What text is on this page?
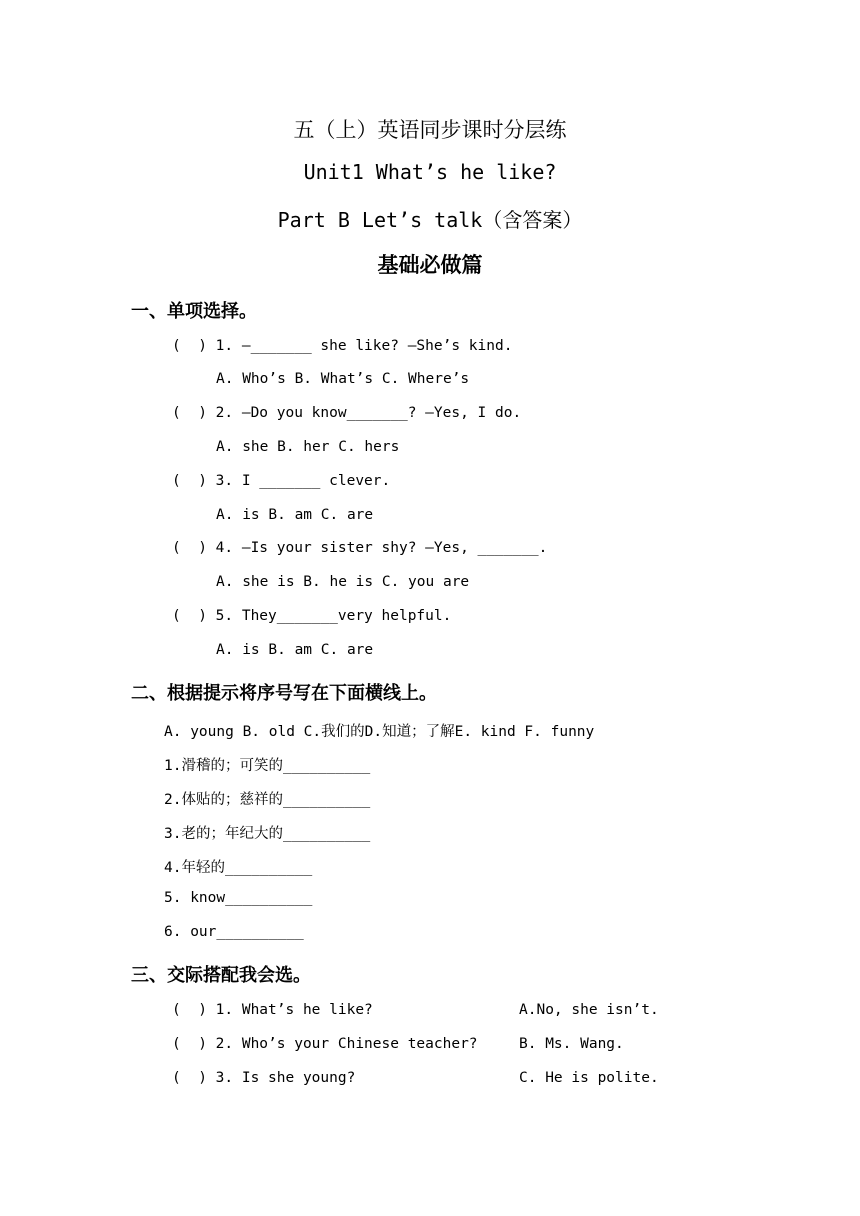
五（上）英语同步课时分层练
Unit1 What’s he like?
Part B Let’s talk（含答案）
基础必做篇
一、单项选择。
(  ) 1. —_______ she like? —She’s kind.
A. Who’s B. What’s C. Where’s
(  ) 2. —Do you know_______? —Yes, I do.
A. she B. her C. hers
(  ) 3. I _______ clever.
A. is B. am C. are
(  ) 4. —Is your sister shy? —Yes, _______.
A. she is B. he is C. you are
(  ) 5. They_______very helpful.
A. is B. am C. are
二、根据提示将序号写在下面横线上。
A. young B. old C.我们的D.知道；了解E. kind F. funny
1.滑稽的；可笑的__________
2.体贴的；慈祥的__________
3.老的；年纪大的__________
4.年轻的__________
5. know__________
6. our__________
三、交际搭配我会选。
(  ) 1. What’s he like?	A.No, she isn’t.
(  ) 2. Who’s your Chinese teacher?	B. Ms. Wang.
(  ) 3. Is she young?	C. He is polite.
